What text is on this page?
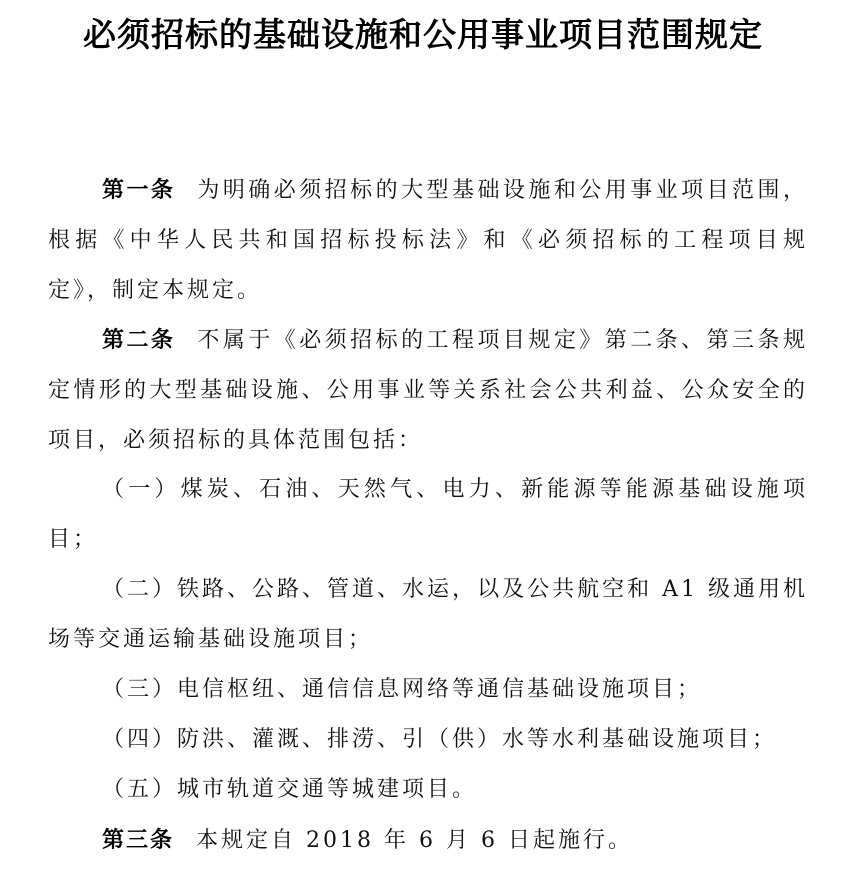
必须招标的基础设施和公用事业项目范围规定

第一条 为明确必须招标的大型基础设施和公用事业项目范围，根据《中华人民共和国招标投标法》和《必须招标的工程项目规定》，制定本规定。

第二条 不属于《必须招标的工程项目规定》第二条、第三条规定情形的大型基础设施、公用事业等关系社会公共利益、公众安全的项目，必须招标的具体范围包括：

（一）煤炭、石油、天然气、电力、新能源等能源基础设施项目；

（二）铁路、公路、管道、水运，以及公共航空和 A1 级通用机场等交通运输基础设施项目；

（三）电信枢纽、通信信息网络等通信基础设施项目；

（四）防洪、灌溉、排涝、引（供）水等水利基础设施项目；

（五）城市轨道交通等城建项目。

第三条 本规定自 2018 年 6 月 6 日起施行。
